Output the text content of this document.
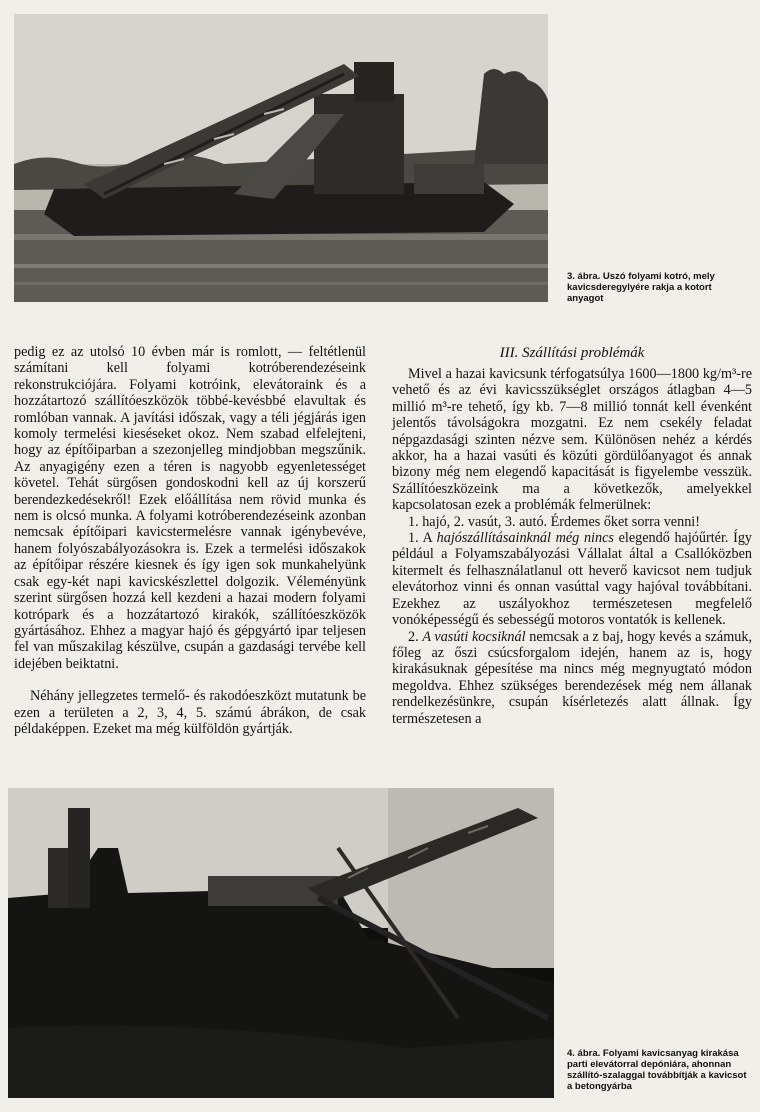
3. ábra. Uszó folyami kotró, mely kavicsderegylyére rakja a kotort anyagot

pedig ez az utolsó 10 évben már is romlott, — feltétlenül számítani kell folyami kotróberendezéseink rekonstrukciójára. Folyami kotróink, elevátoraink és a hozzátartozó szállítóeszközök többé-kevésbbé elavultak és romlóban vannak. A javítási időszak, vagy a téli jégjárás igen komoly termelési kieséseket okoz. Nem szabad elfelejteni, hogy az építőiparban a szezonjelleg mindjobban megszűnik. Az anyagigény ezen a téren is nagyobb egyenletességet követel. Tehát sürgősen gondoskodni kell az új korszerű berendezkedésekről! Ezek előállítása nem rövid munka és nem is olcsó munka. A folyami kotróberendezéseink azonban nemcsak építőipari kavicstermelésre vannak igénybevéve, hanem folyószabályozásokra is. Ezek a termelési időszakok az építőipar részére kiesnek és így igen sok munkahelyünk csak egy-két napi kavicskészlettel dolgozik. Véleményünk szerint sürgősen hozzá kell kezdeni a hazai modern folyami kotrópark és a hozzátartozó kirakók, szállítóeszközök gyártásához. Ehhez a magyar hajó és gépgyártó ipar teljesen fel van műszakilag készülve, csupán a gazdasági tervébe kell idejében beiktatni.

Néhány jellegzetes termelő- és rakodóeszközt mutatunk be ezen a területen a 2, 3, 4, 5. számú ábrákon, de csak példaképpen. Ezeket ma még külföldön gyártják.

III. Szállítási problémák

Mivel a hazai kavicsunk térfogatsúlya 1600—1800 kg/m³-re vehető és az évi kavicsszükséglet országos átlagban 4—5 millió m³-re tehető, így kb. 7—8 millió tonnát kell évenként jelentős távolságokra mozgatni. Ez nem csekély feladat népgazdasági szinten nézve sem. Különösen nehéz a kérdés akkor, ha a hazai vasúti és közúti gördülőanyagot és annak bizony még nem elegendő kapacitását is figyelembe vesszük. Szállítóeszközeink ma a következők, amelyekkel kapcsolatosan ezek a problémák felmerülnek:

1. hajó, 2. vasút, 3. autó. Érdemes őket sorra venni!

1. A hajószállításainknál még nincs elegendő hajóűrtér. Így például a Folyamszabályozási Vállalat által a Csallóközben kitermelt és felhasználatlanul ott heverő kavicsot nem tudjuk elevátorhoz vinni és onnan vasúttal vagy hajóval továbbítani. Ezekhez az uszályokhoz természetesen megfelelő vonóképességű és sebességű motoros vontatók is kellenek.

2. A vasúti kocsiknál nemcsak a z baj, hogy kevés a számuk, főleg az őszi csúcsforgalom idején, hanem az is, hogy kirakásuknak gépesítése ma nincs még megnyugtató módon megoldva. Ehhez szükséges berendezések még nem állanak rendelkezésünkre, csupán kísérletezés alatt állnak. Így természetesen a

4. ábra. Folyami kavicsanyag kirakása parti elevátorral depóniára, ahonnan szállító-szalaggal továbbítják a kavicsot a betongyárba
